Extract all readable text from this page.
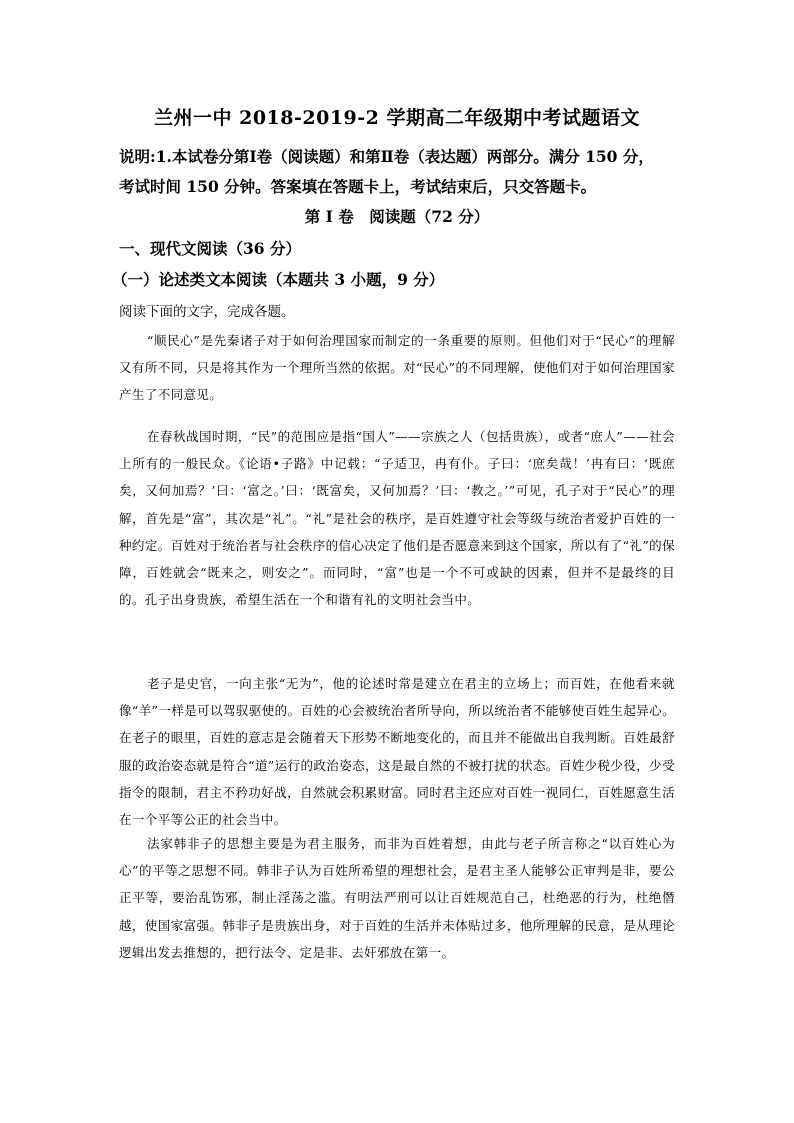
兰州一中 2018-2019-2 学期高二年级期中考试题语文
说明:1.本试卷分第Ⅰ卷（阅读题）和第Ⅱ卷（表达题）两部分。满分 150 分，
考试时间 150 分钟。答案填在答题卡上，考试结束后，只交答题卡。
第 Ⅰ 卷　阅读题（72 分）
一、现代文阅读（36 分）
（一）论述类文本阅读（本题共 3 小题，9 分）
阅读下面的文字，完成各题。
“顺民心”是先秦诸子对于如何治理国家而制定的一条重要的原则。但他们对于“民心”的理解又有所不同，只是将其作为一个理所当然的依据。对“民心”的不同理解，使他们对于如何治理国家产生了不同意见。
在春秋战国时期，“民”的范围应是指“国人”——宗族之人（包括贵族），或者“庶人”——社会上所有的一般民众。《论语•子路》中记载：“子适卫，冉有仆。子曰：‘庶矣哉！’冉有曰：‘既庶矣，又何加焉？’曰：‘富之。’曰：‘既富矣，又何加焉？’曰：‘教之。’”可见，孔子对于“民心”的理解，首先是“富”，其次是“礼”。“礼”是社会的秩序，是百姓遵守社会等级与统治者爱护百姓的一种约定。百姓对于统治者与社会秩序的信心决定了他们是否愿意来到这个国家，所以有了“礼”的保障，百姓就会“既来之，则安之”。而同时，“富”也是一个不可或缺的因素，但并不是最终的目的。孔子出身贵族，希望生活在一个和谐有礼的文明社会当中。
老子是史官，一向主张“无为”，他的论述时常是建立在君主的立场上；而百姓，在他看来就像“羊”一样是可以驾驭驱使的。百姓的心会被统治者所导向，所以统治者不能够使百姓生起异心。在老子的眼里，百姓的意志是会随着天下形势不断地变化的，而且并不能做出自我判断。百姓最舒服的政治姿态就是符合“道”运行的政治姿态，这是最自然的不被打扰的状态。百姓少税少役，少受指令的限制，君主不矜功好战，自然就会积累财富。同时君主还应对百姓一视同仁，百姓愿意生活在一个平等公正的社会当中。
法家韩非子的思想主要是为君主服务，而非为百姓着想，由此与老子所言称之“以百姓心为心”的平等之思想不同。韩非子认为百姓所希望的理想社会，是君主圣人能够公正审判是非，要公正平等，要治乱饬邪，制止淫荡之滥。有明法严刑可以让百姓规范自己，杜绝恶的行为，杜绝僭越，使国家富强。韩非子是贵族出身，对于百姓的生活并未体贴过多，他所理解的民意，是从理论逻辑出发去推想的，把行法令、定是非、去奸邪放在第一。
